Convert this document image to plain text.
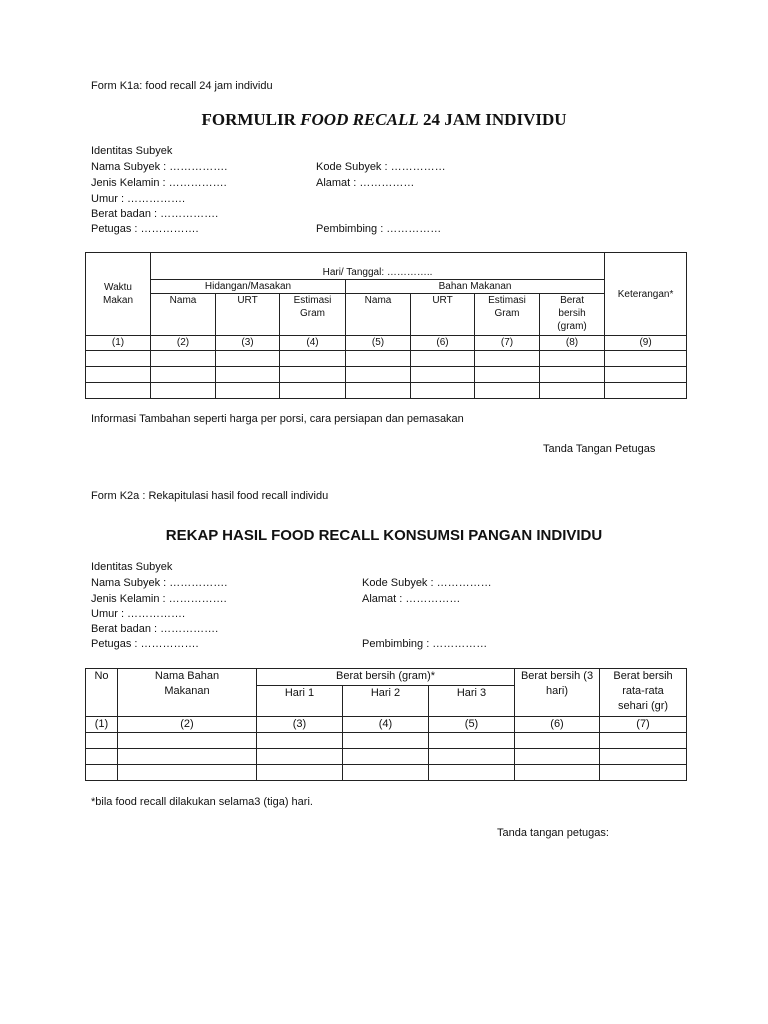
Form K1a: food recall 24 jam individu
FORMULIR FOOD RECALL 24 JAM INDIVIDU
Identitas Subyek
Nama Subyek : …………….	Kode Subyek : ……………
Jenis Kelamin : …………….	Alamat : ……………
Umur : …………….
Berat badan : …………….
Petugas : …………….	Pembimbing : ……………
Waktu Makan	Hari/ Tanggal: …………..							Keterangan*
	Hidangan/Masakan			Bahan Makanan				
	Nama	URT	Estimasi Gram	Nama	URT	Estimasi Gram	Berat bersih (gram)	
(1)	(2)	(3)	(4)	(5)	(6)	(7)	(8)	(9)

Informasi Tambahan seperti harga per porsi, cara persiapan dan pemasakan
Tanda Tangan Petugas
Form K2a : Rekapitulasi hasil food recall individu
REKAP HASIL FOOD RECALL KONSUMSI PANGAN INDIVIDU
Identitas Subyek
Nama Subyek : …………….	Kode Subyek : ……………
Jenis Kelamin : …………….	Alamat : ……………
Umur : …………….
Berat badan : …………….
Petugas : …………….	Pembimbing : ……………
No	Nama Bahan Makanan	Berat bersih (gram)*			Berat bersih (3 hari)	Berat bersih rata-rata sehari (gr)
		Hari 1	Hari 2	Hari 3		
(1)	(2)	(3)	(4)	(5)	(6)	(7)

*bila food recall dilakukan selama3 (tiga) hari.
Tanda tangan petugas:
